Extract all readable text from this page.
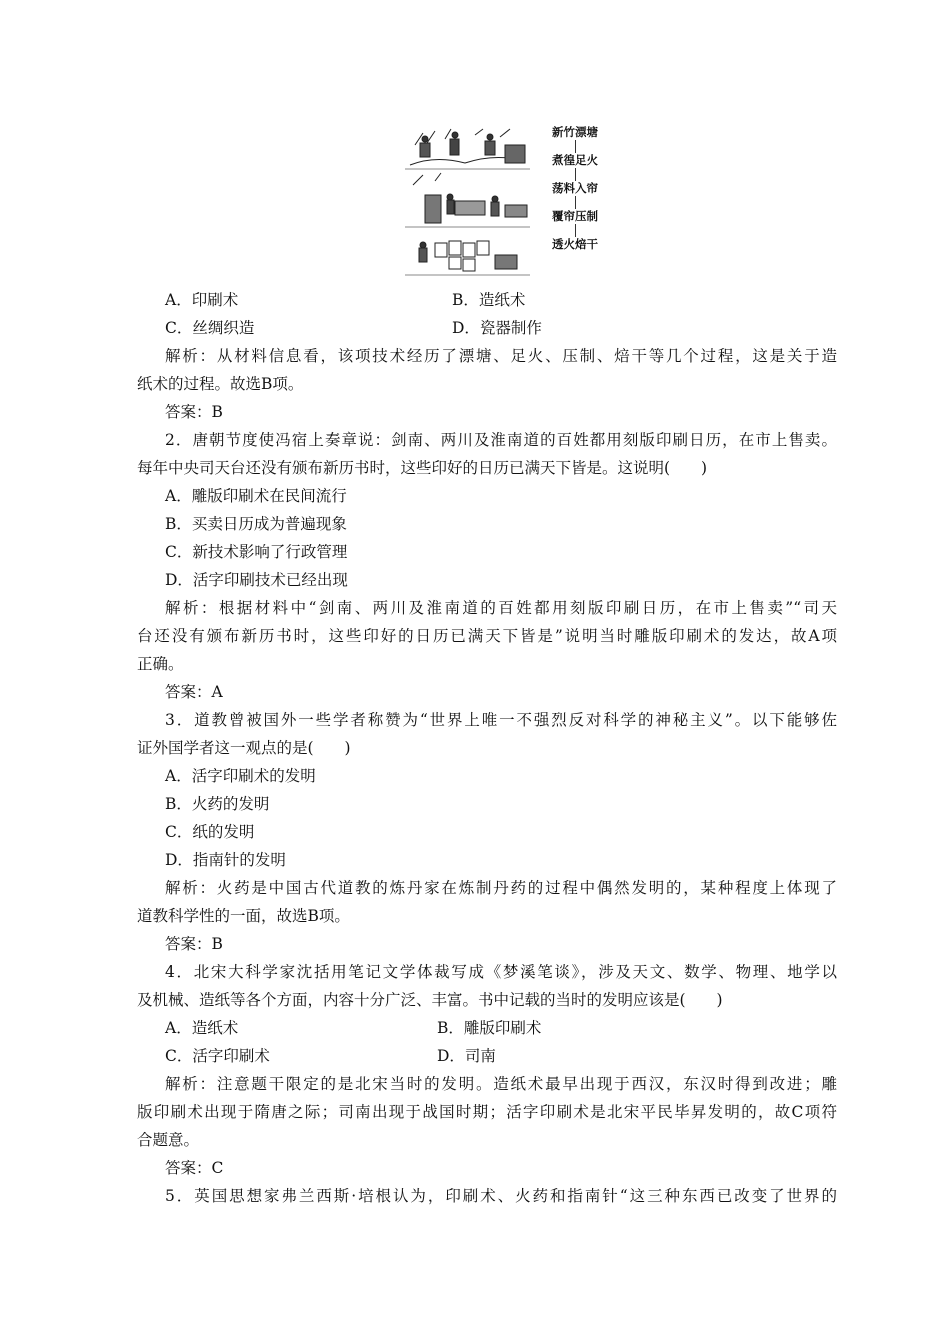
新竹漂塘
煮徨足火
荡料入帘
覆帘压制
透火焙干
A．印刷术	B．造纸术
C．丝绸织造	D．瓷器制作
解析：从材料信息看，该项技术经历了漂塘、足火、压制、焙干等几个过程，这是关于造
纸术的过程。故选B项。
答案：B
2．唐朝节度使冯宿上奏章说：剑南、两川及淮南道的百姓都用刻版印刷日历，在市上售卖。
每年中央司天台还没有颁布新历书时，这些印好的日历已满天下皆是。这说明(　　)
A．雕版印刷术在民间流行
B．买卖日历成为普遍现象
C．新技术影响了行政管理
D．活字印刷技术已经出现
解析：根据材料中“剑南、两川及淮南道的百姓都用刻版印刷日历，在市上售卖”“司天
台还没有颁布新历书时，这些印好的日历已满天下皆是”说明当时雕版印刷术的发达，故A项
正确。
答案：A
3．道教曾被国外一些学者称赞为“世界上唯一不强烈反对科学的神秘主义”。以下能够佐
证外国学者这一观点的是(　　)
A．活字印刷术的发明
B．火药的发明
C．纸的发明
D．指南针的发明
解析：火药是中国古代道教的炼丹家在炼制丹药的过程中偶然发明的，某种程度上体现了
道教科学性的一面，故选B项。
答案：B
4．北宋大科学家沈括用笔记文学体裁写成《梦溪笔谈》，涉及天文、数学、物理、地学以
及机械、造纸等各个方面，内容十分广泛、丰富。书中记载的当时的发明应该是(　　)
A．造纸术	B．雕版印刷术
C．活字印刷术	D．司南
解析：注意题干限定的是北宋当时的发明。造纸术最早出现于西汉，东汉时得到改进；雕
版印刷术出现于隋唐之际；司南出现于战国时期；活字印刷术是北宋平民毕昇发明的，故C项符
合题意。
答案：C
5．英国思想家弗兰西斯·培根认为，印刷术、火药和指南针“这三种东西已改变了世界的
